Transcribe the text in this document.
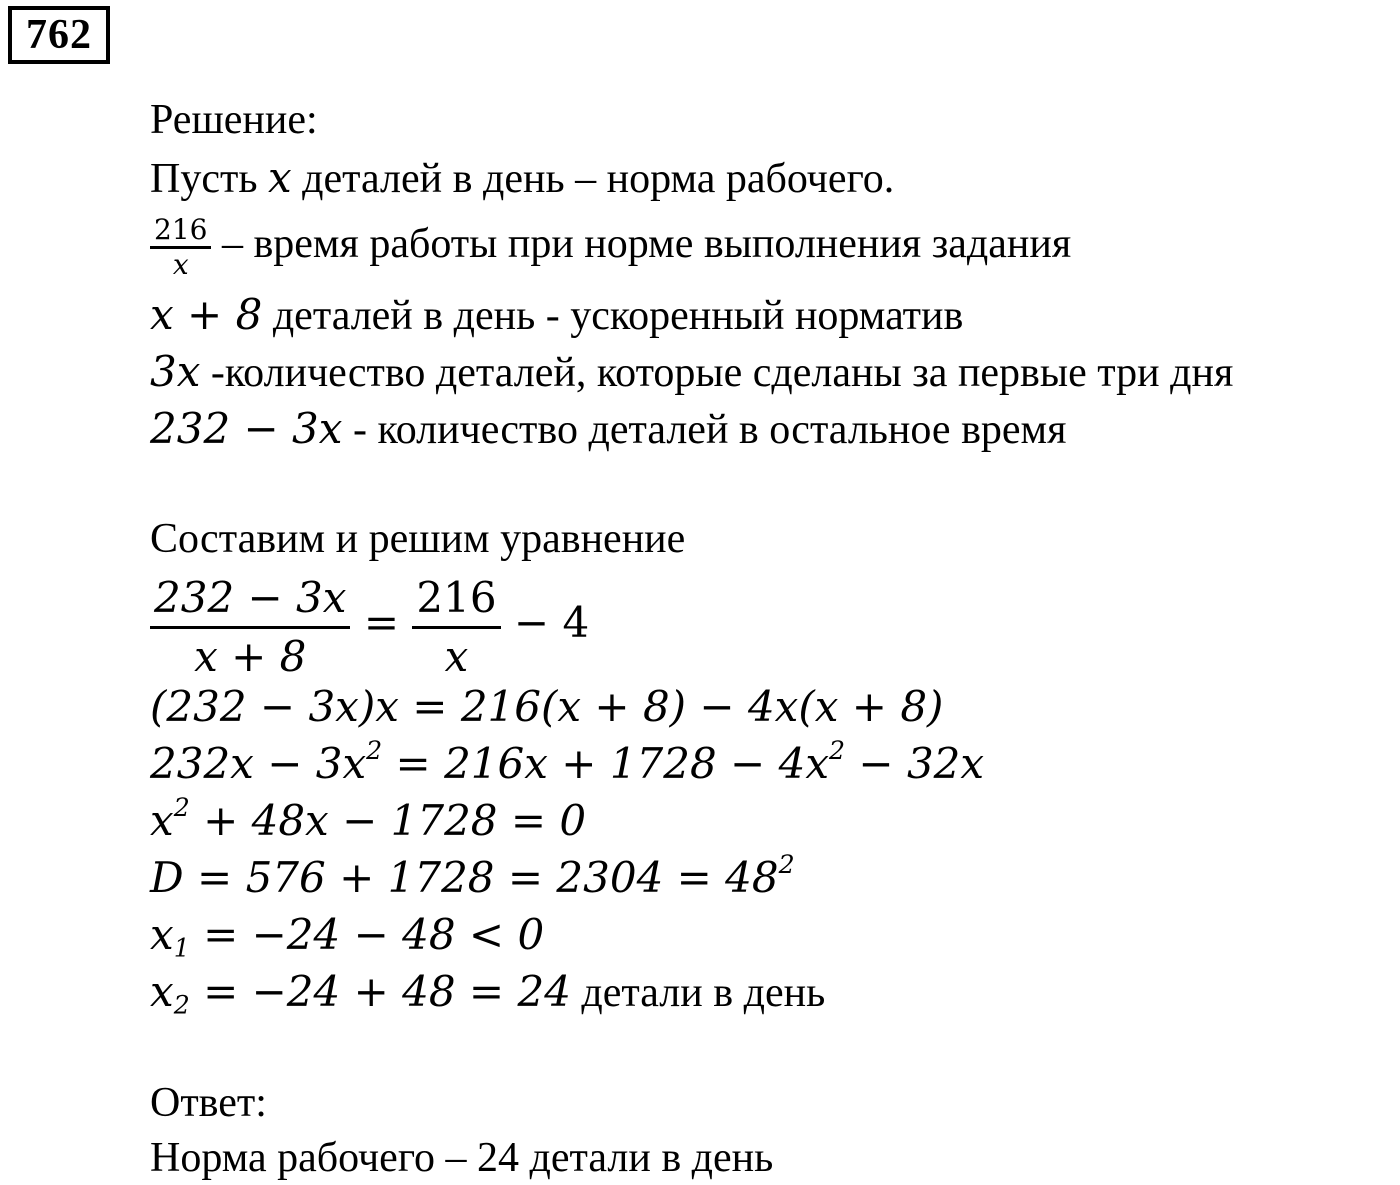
762
Решение:
Пусть x деталей в день – норма рабочего.
$\frac{216}{x}$ – время работы при норме выполнения задания
x + 8 деталей в день - ускоренный норматив
3x -количество деталей, которые сделаны за первые три дня
232 − 3x - количество деталей в остальное время
Составим и решим уравнение
$\frac{232 - 3x}{x + 8} = \frac{216}{x} - 4$
(232 − 3x)x = 216(x + 8) − 4x(x + 8)
$232x - 3x^2 = 216x + 1728 - 4x^2 - 32x$
$x^2 + 48x - 1728 = 0$
$D = 576 + 1728 = 2304 = 48^2$
$x_1 = -24 - 48 < 0$
$x_2 = -24 + 48 = 24$ детали в день
Ответ:
Норма рабочего – 24 детали в день
